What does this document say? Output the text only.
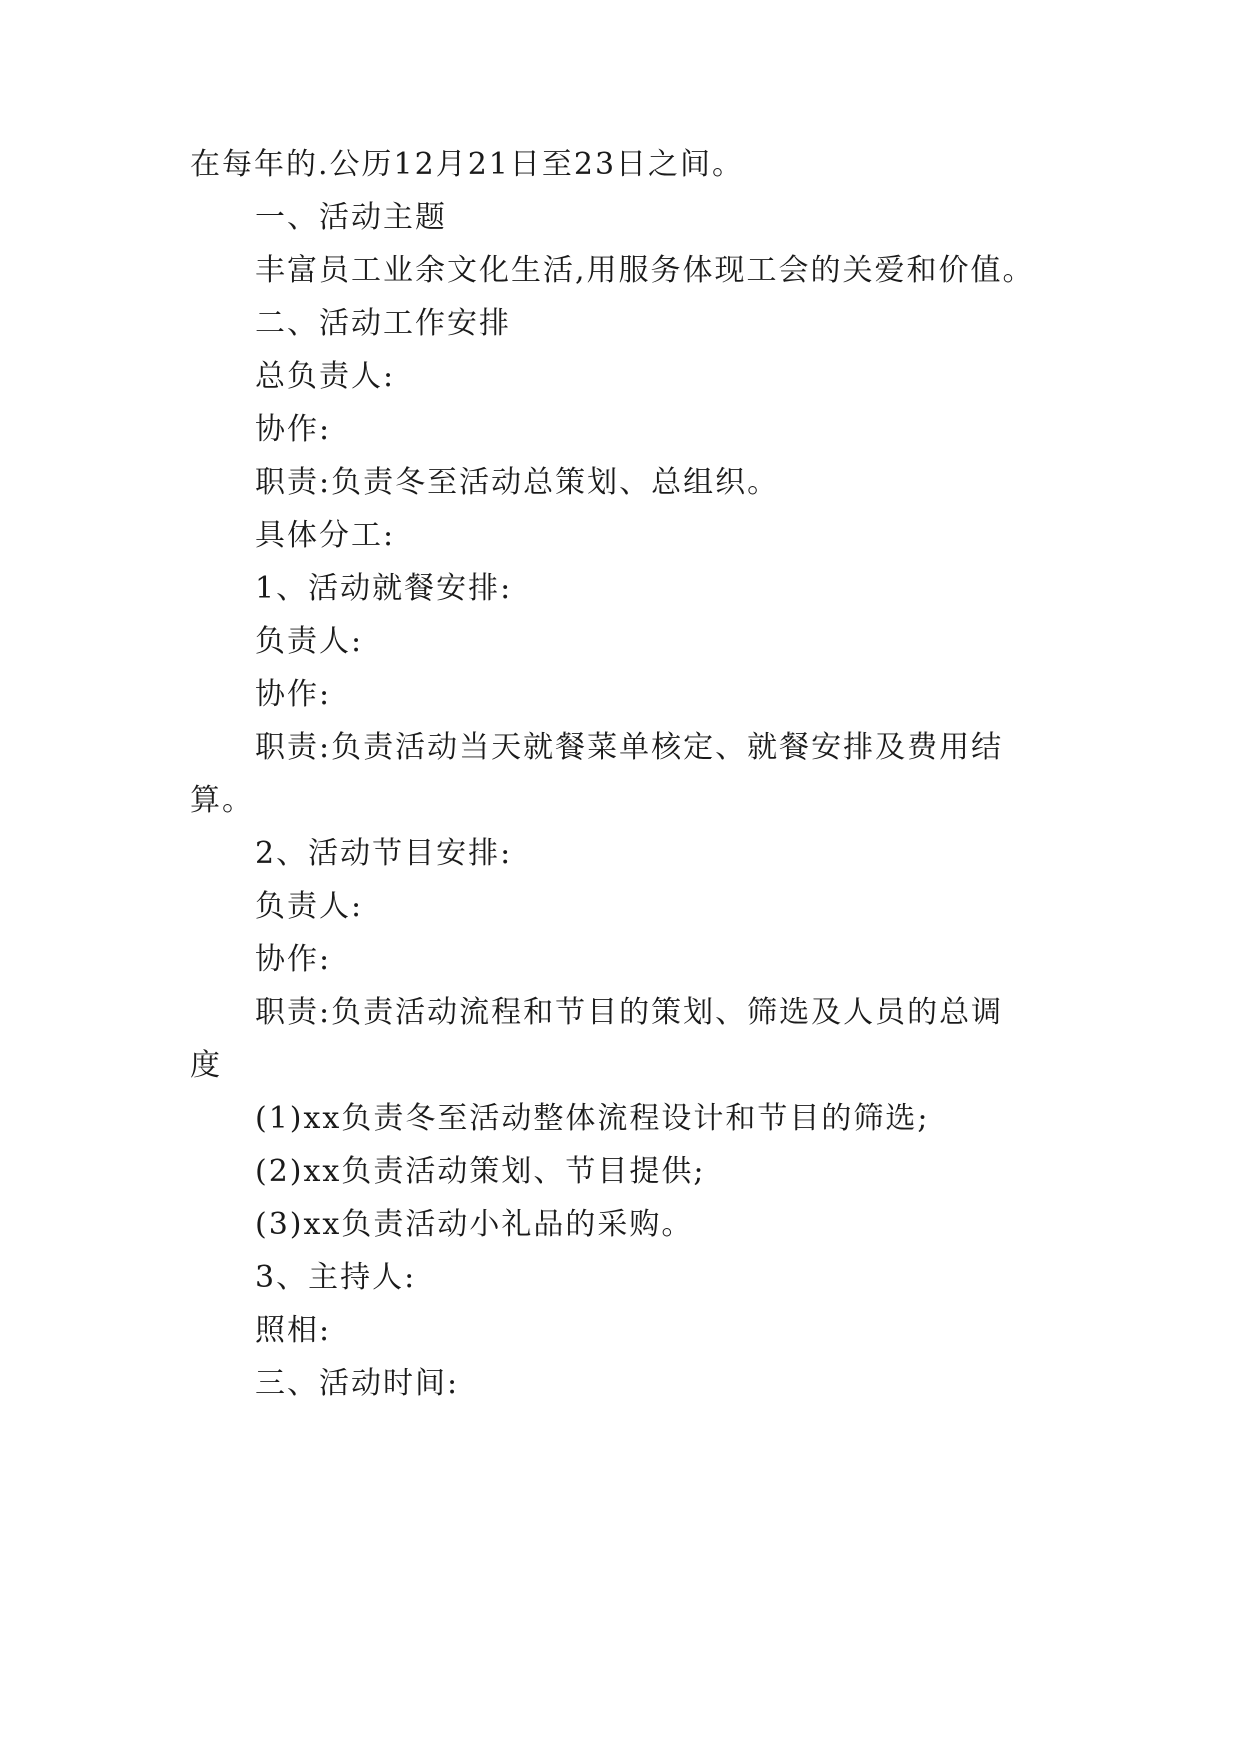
在每年的.公历12月21日至23日之间。
一、活动主题
丰富员工业余文化生活,用服务体现工会的关爱和价值。
二、活动工作安排
总负责人:
协作:
职责:负责冬至活动总策划、总组织。
具体分工:
1、活动就餐安排:
负责人:
协作:
职责:负责活动当天就餐菜单核定、就餐安排及费用结
算。
2、活动节目安排:
负责人:
协作:
职责:负责活动流程和节目的策划、筛选及人员的总调
度
(1)xx负责冬至活动整体流程设计和节目的筛选;
(2)xx负责活动策划、节目提供;
(3)xx负责活动小礼品的采购。
3、主持人:
照相:
三、活动时间:
